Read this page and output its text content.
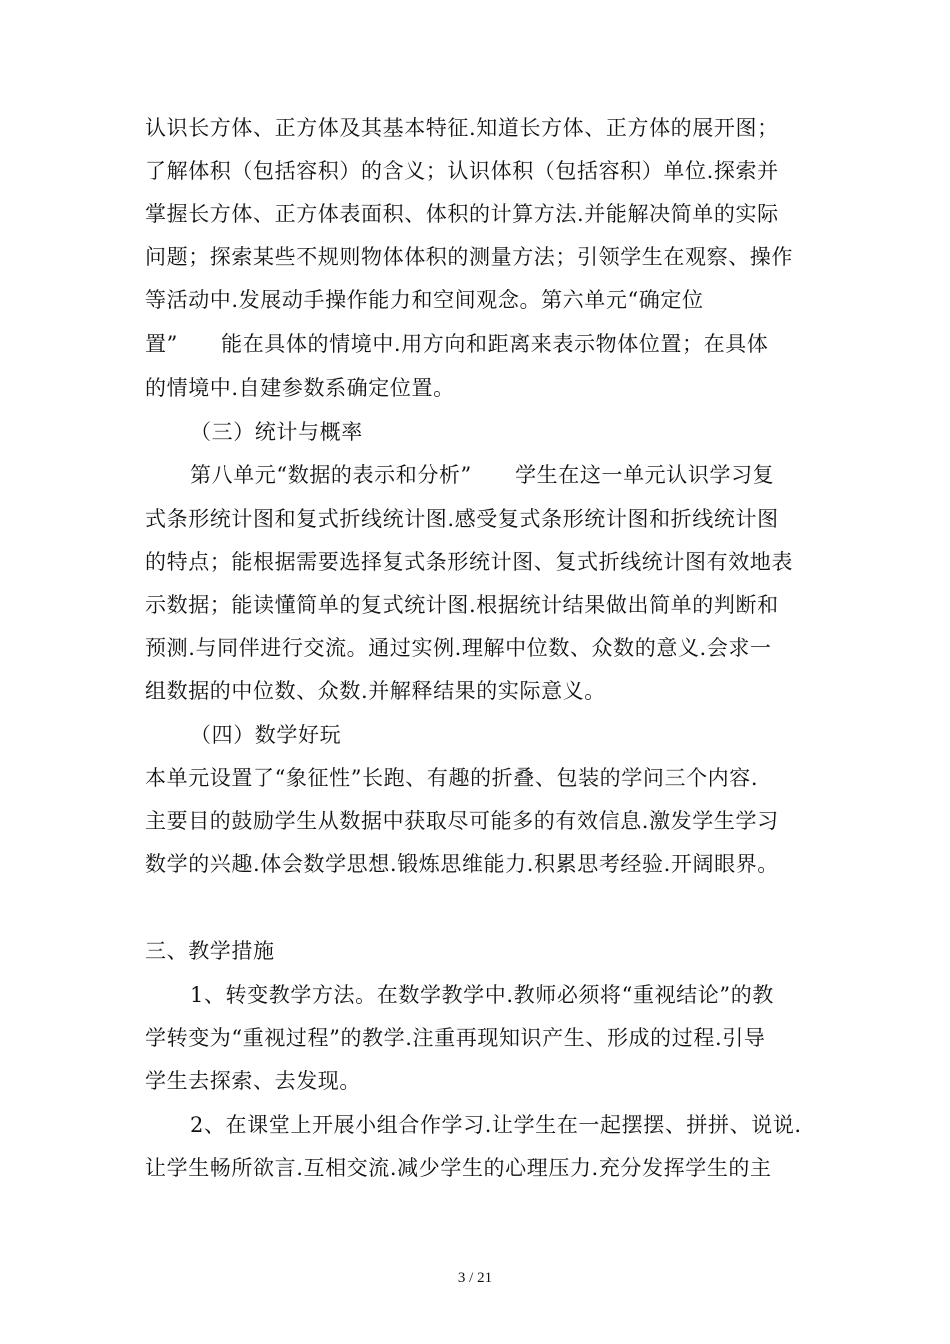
认识长方体、正方体及其基本特征.知道长方体、正方体的展开图；
了解体积（包括容积）的含义；认识体积（包括容积）单位.探索并
掌握长方体、正方体表面积、体积的计算方法.并能解决简单的实际
问题；探索某些不规则物体体积的测量方法；引领学生在观察、操作
等活动中.发展动手操作能力和空间观念。第六单元“确定位
置”　　能在具体的情境中.用方向和距离来表示物体位置；在具体
的情境中.自建参数系确定位置。
（三）统计与概率
第八单元“数据的表示和分析”　　学生在这一单元认识学习复
式条形统计图和复式折线统计图.感受复式条形统计图和折线统计图
的特点；能根据需要选择复式条形统计图、复式折线统计图有效地表
示数据；能读懂简单的复式统计图.根据统计结果做出简单的判断和
预测.与同伴进行交流。通过实例.理解中位数、众数的意义.会求一
组数据的中位数、众数.并解释结果的实际意义。
（四）数学好玩
本单元设置了“象征性”长跑、有趣的折叠、包装的学问三个内容.
主要目的鼓励学生从数据中获取尽可能多的有效信息.激发学生学习
数学的兴趣.体会数学思想.锻炼思维能力.积累思考经验.开阔眼界。
三、教学措施
1、转变教学方法。在数学教学中.教师必须将“重视结论”的教
学转变为“重视过程”的教学.注重再现知识产生、形成的过程.引导
学生去探索、去发现。
2、在课堂上开展小组合作学习.让学生在一起摆摆、拼拼、说说.
让学生畅所欲言.互相交流.减少学生的心理压力.充分发挥学生的主
3 / 21
